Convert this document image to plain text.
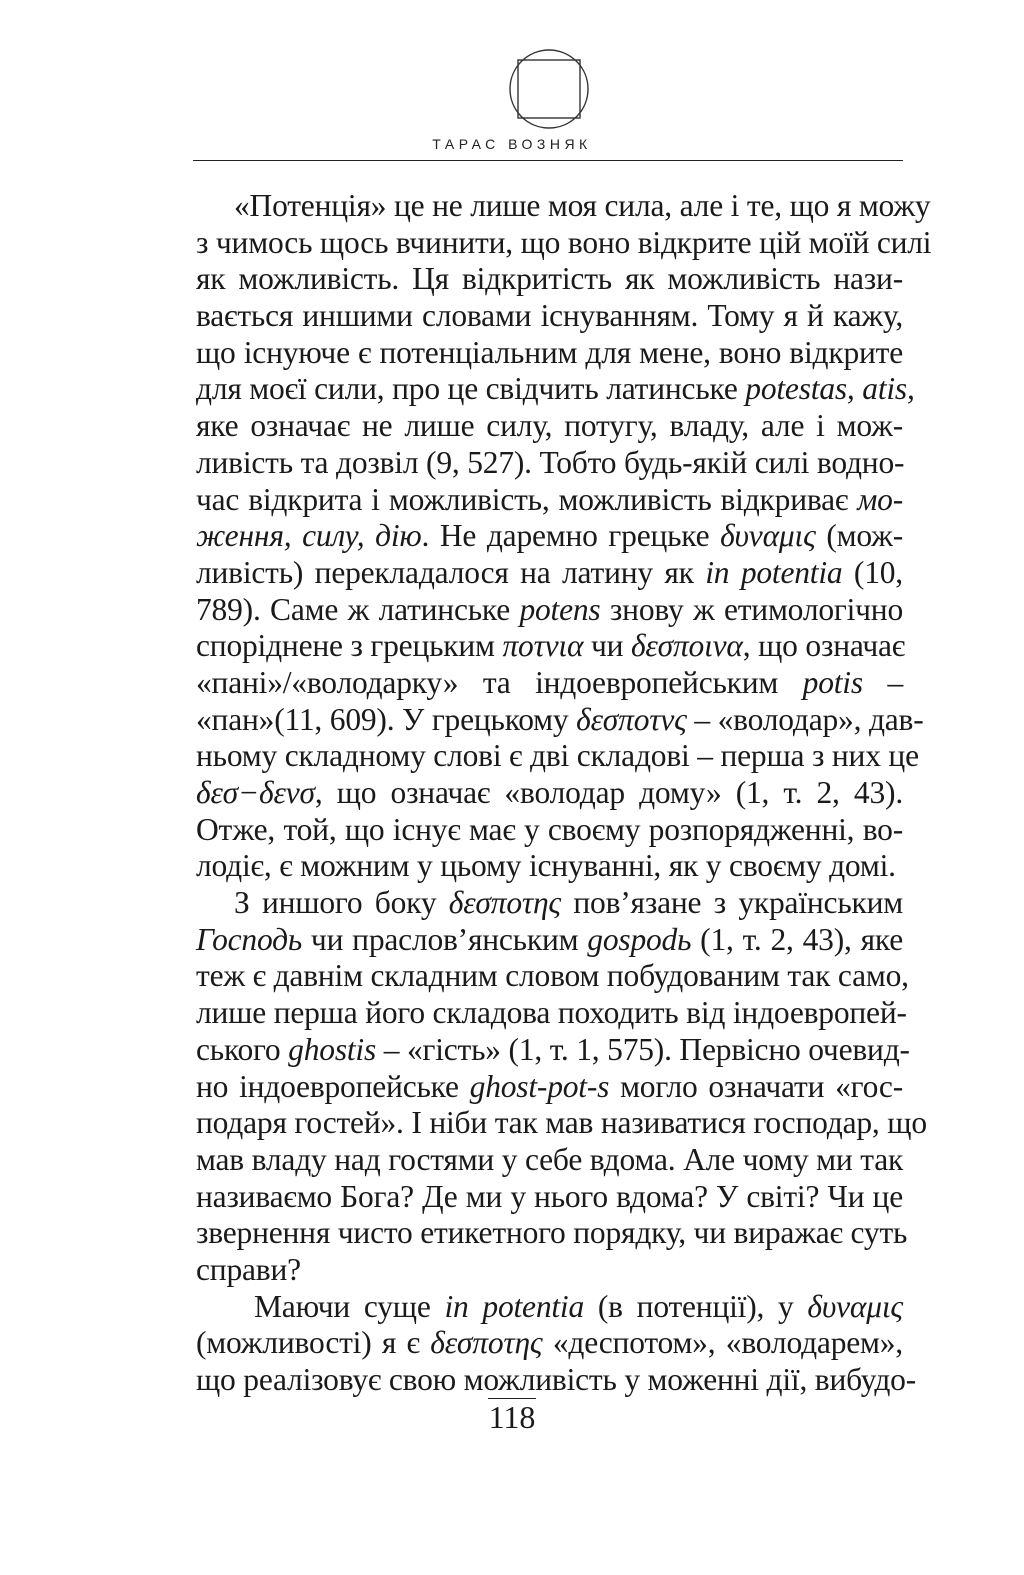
ТАРАС ВОЗНЯК
«Потенція» це не лише моя сила, але і те, що я можу
з чимось щось вчинити, що воно відкрите цій моїй силі
як можливість. Ця відкритість як можливість нази-
вається иншими словами існуванням. Тому я й кажу,
що існуюче є потенціальним для мене, воно відкрите
для моєї сили, про це свідчить латинське potestas, atis,
яке означає не лише силу, потугу, владу, але і мож-
ливість та дозвіл (9, 527). Тобто будь-якій силі водно-
час відкрита і можливість, можливість відкриває мо-
ження, силу, дію. Не даремно грецьке δυναμις (мож-
ливість) перекладалося на латину як in potentia (10,
789). Саме ж латинське potens знову ж етимологічно
споріднене з грецьким ποτνια чи δεσποινα, що означає
«пані»/«володарку» та індоевропейським potis –
«пан»(11, 609). У грецькому δεσποτνς – «володар», дав-
ньому складному слові є дві складові – перша з них це
δεσ−δενσ, що означає «володар дому» (1, т. 2, 43).
Отже, той, що існує має у своєму розпорядженні, во-
лодіє, є можним у цьому існуванні, як у своєму домі.
З иншого боку δεσποτης пов’язане з українським
Господь чи праслов’янським gospodь (1, т. 2, 43), яке
теж є давнім складним словом побудованим так само,
лише перша його складова походить від індоевропей-
ського ghostis – «гість» (1, т. 1, 575). Первісно очевид-
но індоевропейське ghost-pot-s могло означати «гос-
подаря гостей». І ніби так мав називатися господар, що
мав владу над гостями у себе вдома. Але чому ми так
називаємо Бога? Де ми у нього вдома? У світі? Чи це
звернення чисто етикетного порядку, чи виражає суть
справи?
Маючи суще in potentia (в потенції), у δυναμις
(можливості) я є δεσποτης «деспотом», «володарем»,
що реалізовує свою можливість у моженні дії, вибудо-
118
